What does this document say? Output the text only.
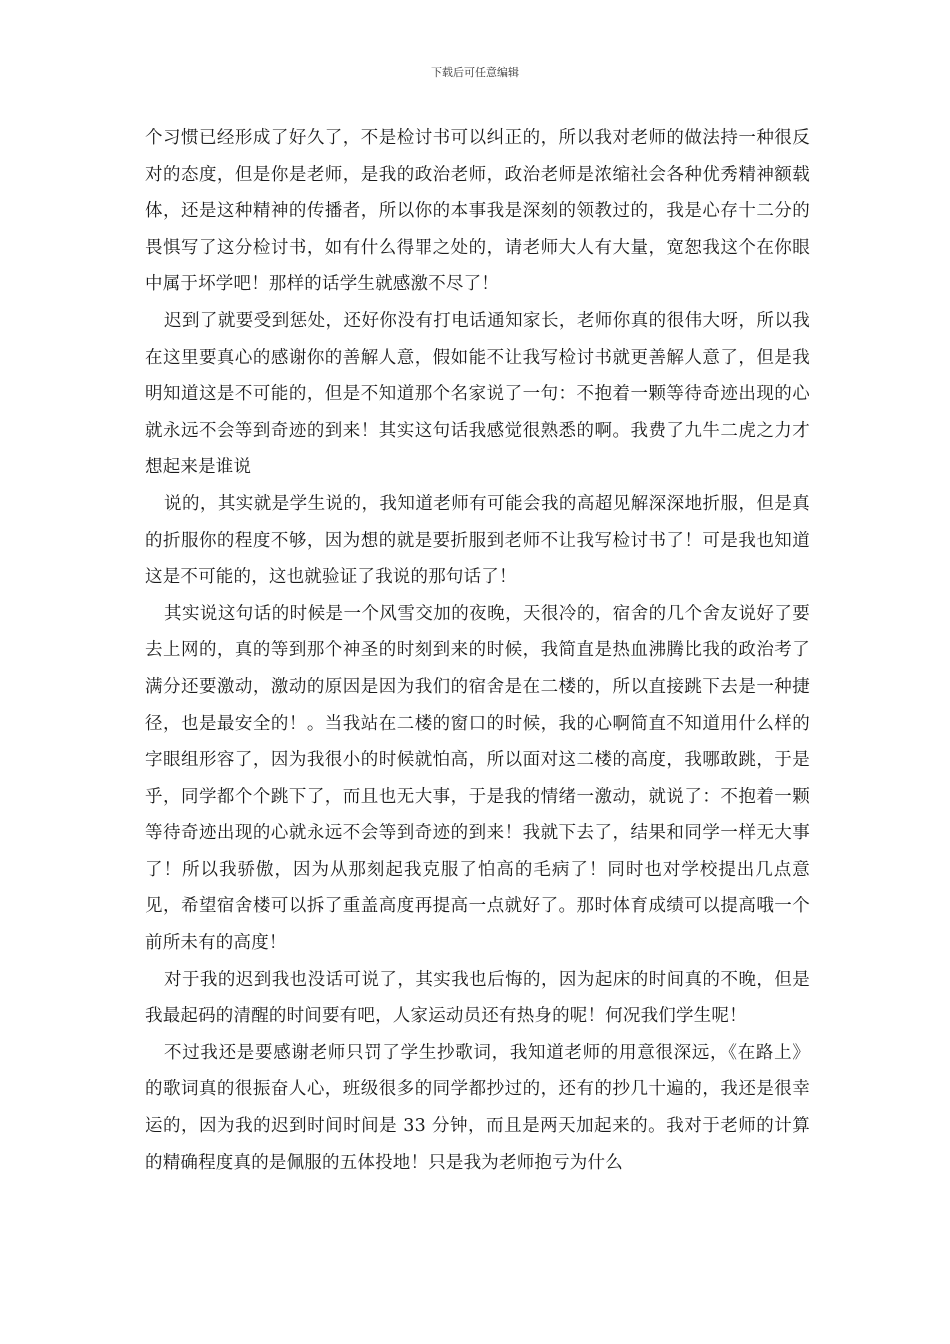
下载后可任意编辑

个习惯已经形成了好久了，不是检讨书可以纠正的，所以我对老师的做法持一种很反对的态度，但是你是老师，是我的政治老师，政治老师是浓缩社会各种优秀精神额载体，还是这种精神的传播者，所以你的本事我是深刻的领教过的，我是心存十二分的畏惧写了这分检讨书，如有什么得罪之处的，请老师大人有大量，宽恕我这个在你眼中属于坏学吧！那样的话学生就感激不尽了！

迟到了就要受到惩处，还好你没有打电话通知家长，老师你真的很伟大呀，所以我在这里要真心的感谢你的善解人意，假如能不让我写检讨书就更善解人意了，但是我明知道这是不可能的，但是不知道那个名家说了一句：不抱着一颗等待奇迹出现的心就永远不会等到奇迹的到来！其实这句话我感觉很熟悉的啊。我费了九牛二虎之力才想起来是谁说

说的，其实就是学生说的，我知道老师有可能会我的高超见解深深地折服，但是真的折服你的程度不够，因为想的就是要折服到老师不让我写检讨书了！可是我也知道这是不可能的，这也就验证了我说的那句话了！

其实说这句话的时候是一个风雪交加的夜晚，天很冷的，宿舍的几个舍友说好了要去上网的，真的等到那个神圣的时刻到来的时候，我简直是热血沸腾比我的政治考了满分还要激动，激动的原因是因为我们的宿舍是在二楼的，所以直接跳下去是一种捷径，也是最安全的！。当我站在二楼的窗口的时候，我的心啊简直不知道用什么样的字眼组形容了，因为我很小的时候就怕高，所以面对这二楼的高度，我哪敢跳，于是乎，同学都个个跳下了，而且也无大事，于是我的情绪一激动，就说了：不抱着一颗等待奇迹出现的心就永远不会等到奇迹的到来！我就下去了，结果和同学一样无大事了！所以我骄傲，因为从那刻起我克服了怕高的毛病了！同时也对学校提出几点意见，希望宿舍楼可以拆了重盖高度再提高一点就好了。那时体育成绩可以提高哦一个前所未有的高度！

对于我的迟到我也没话可说了，其实我也后悔的，因为起床的时间真的不晚，但是我最起码的清醒的时间要有吧，人家运动员还有热身的呢！何况我们学生呢！

不过我还是要感谢老师只罚了学生抄歌词，我知道老师的用意很深远，《在路上》的歌词真的很振奋人心，班级很多的同学都抄过的，还有的抄几十遍的，我还是很幸运的，因为我的迟到时间时间是 33 分钟，而且是两天加起来的。我对于老师的计算的精确程度真的是佩服的五体投地！只是我为老师抱亏为什么
